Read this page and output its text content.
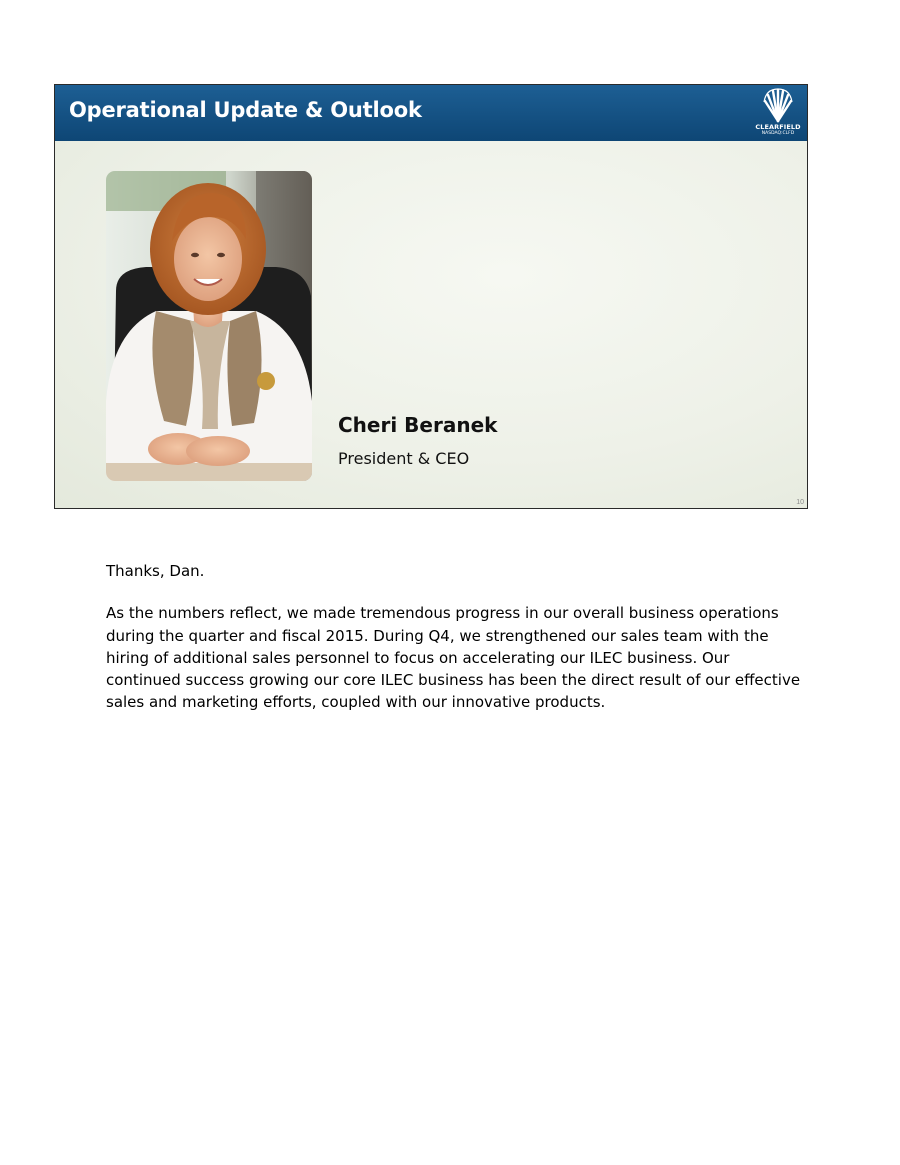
Operational Update & Outlook
CLEARFIELD
NASDAQ:CLFD
Cheri Beranek
President & CEO
10

Thanks, Dan.

As the numbers reflect, we made tremendous progress in our overall business operations during the quarter and fiscal 2015. During Q4, we strengthened our sales team with the hiring of additional sales personnel to focus on accelerating our ILEC business. Our continued success growing our core ILEC business has been the direct result of our effective sales and marketing efforts, coupled with our innovative products.
